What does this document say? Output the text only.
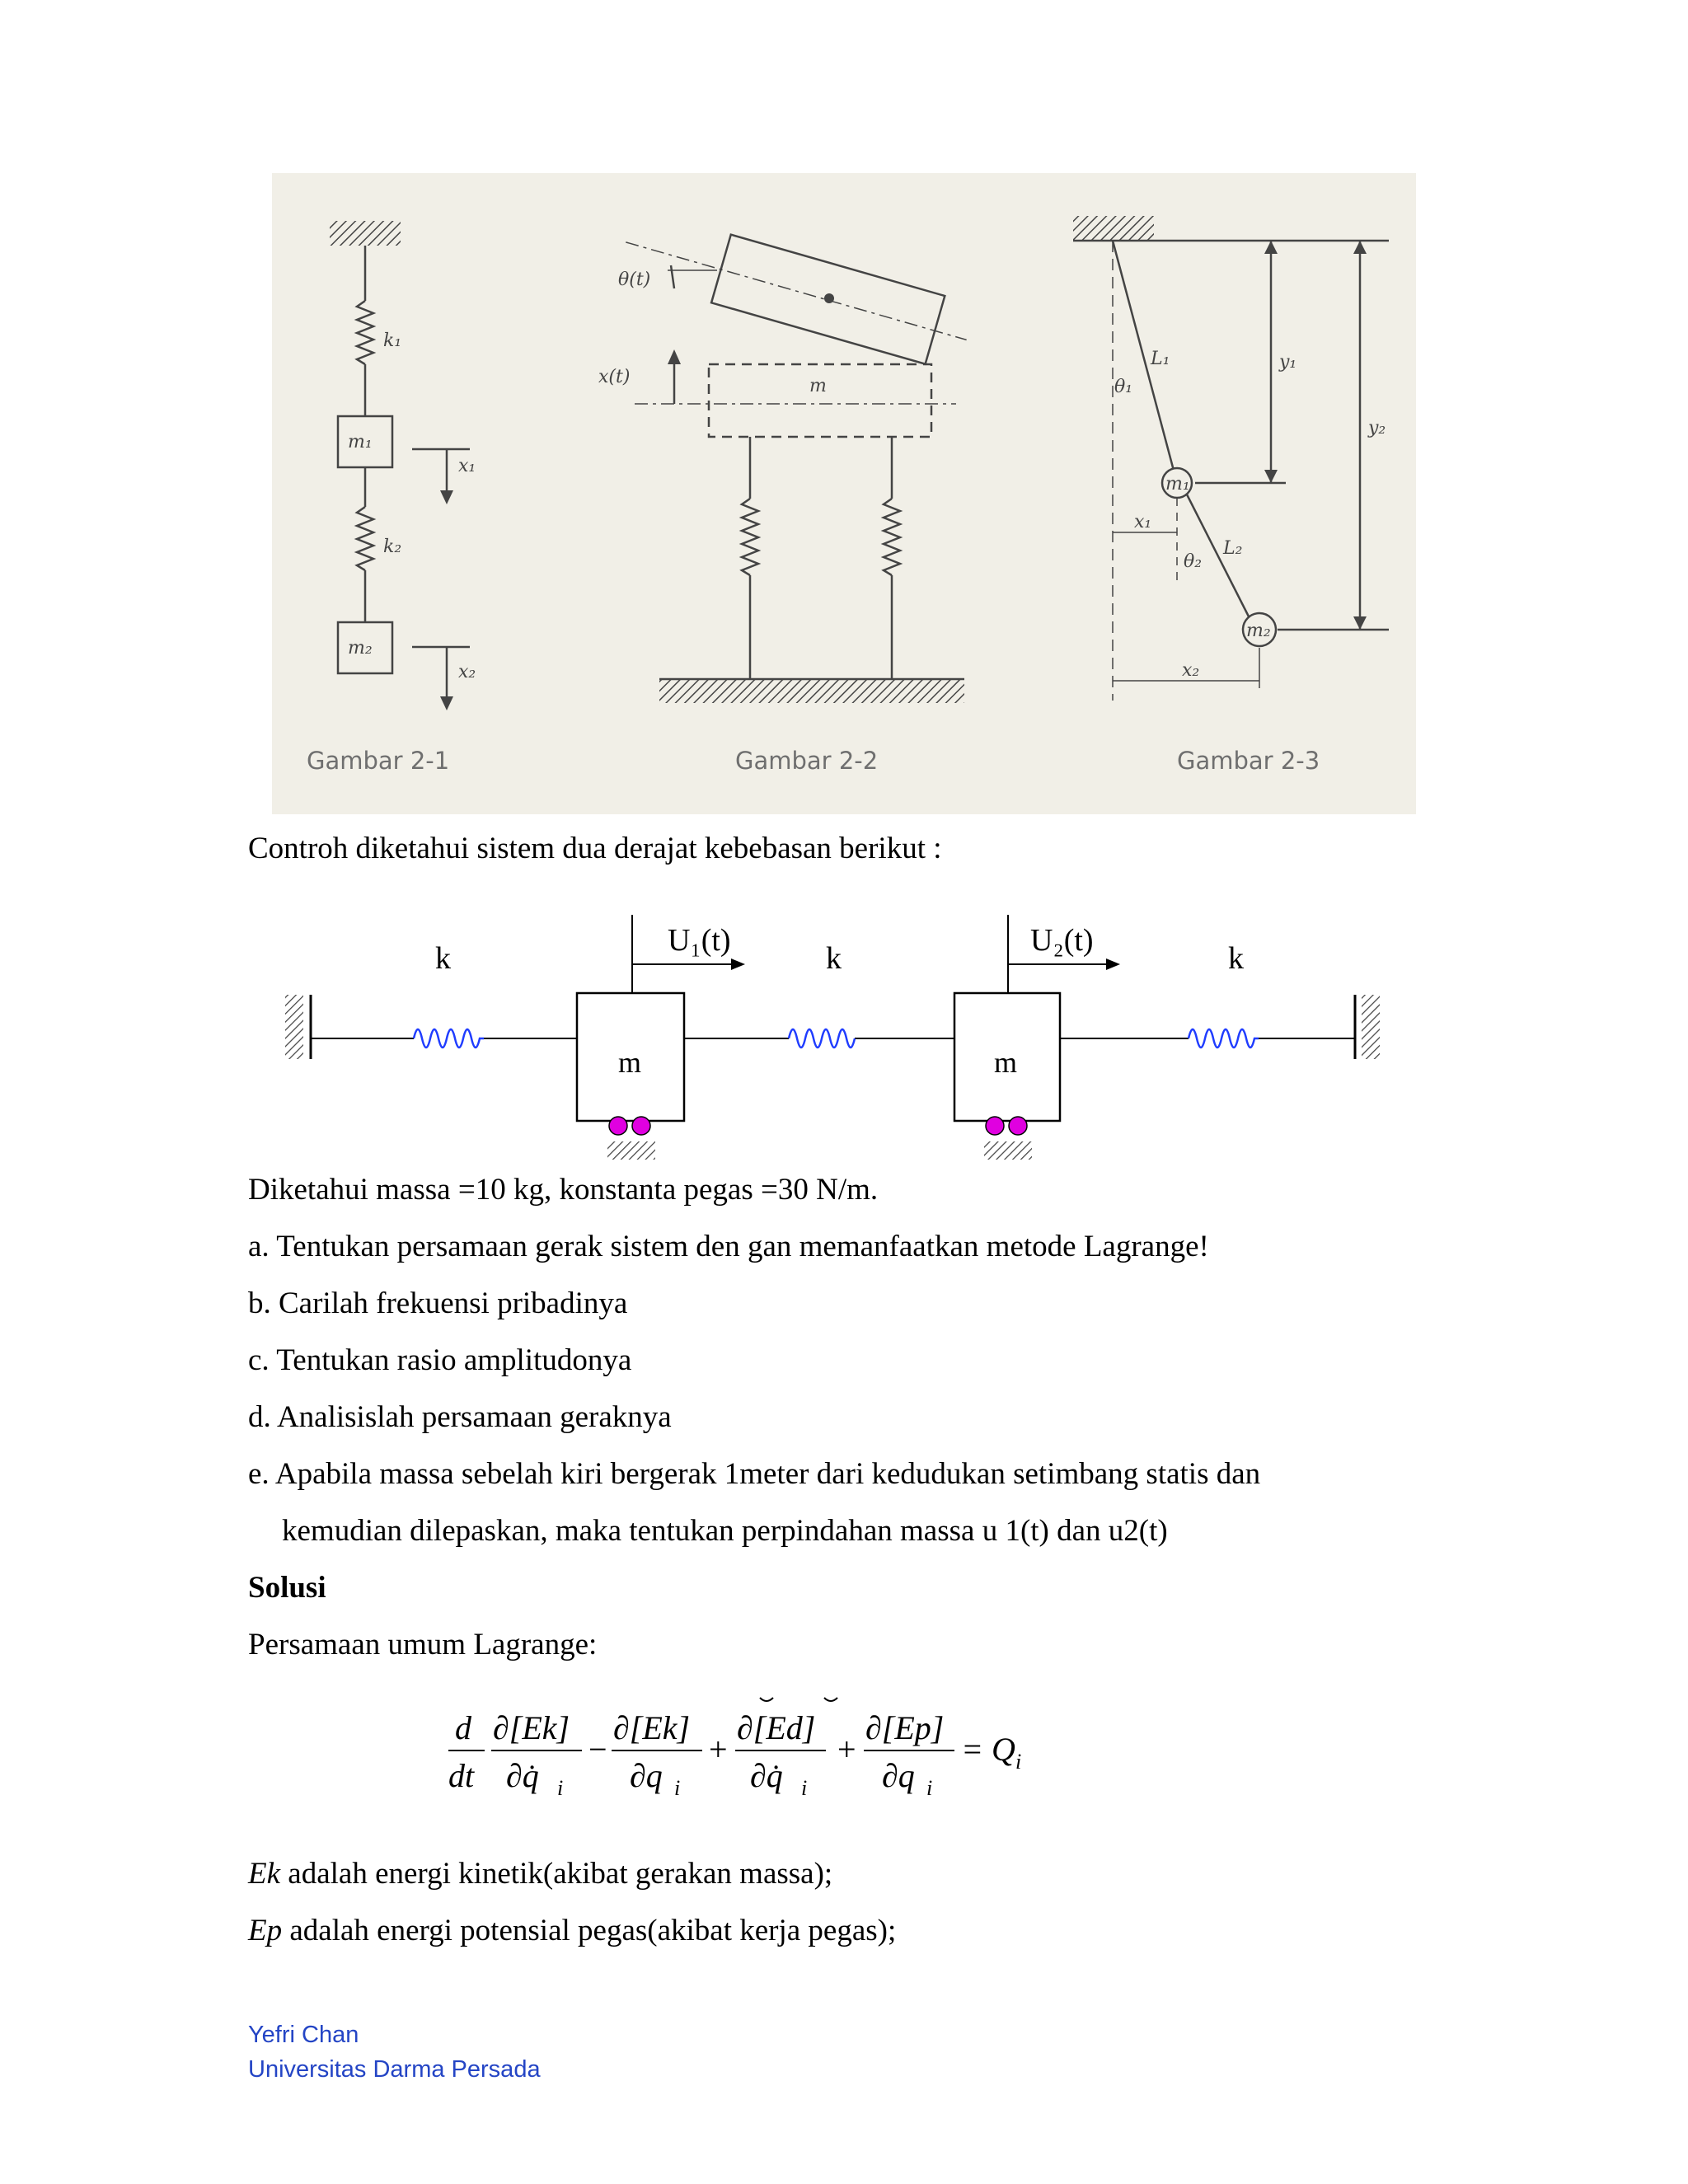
k₁
m₁
x₁
k₂
m₂
x₂
Gambar 2-1
θ(t)
x(t)	m
Gambar 2-2
L₁
θ₁
y₁
y₂
m₁
x₁
θ₂
L₂
m₂
x₂
Gambar 2-3
Controh diketahui sistem dua derajat kebebasan berikut :
k	k	k
U₁(t)	U₂(t)
m	m
Diketahui massa =10 kg, konstanta pegas =30 N/m.
a. Tentukan persamaan gerak sistem den gan memanfaatkan metode Lagrange!
b. Carilah frekuensi pribadinya
c. Tentukan rasio amplitudonya
d. Analisislah persamaan geraknya
e. Apabila massa sebelah kiri bergerak 1meter dari kedudukan setimbang statis dan
kemudian dilepaskan, maka tentukan perpindahan massa u 1(t) dan u2(t)
Solusi
Persamaan umum Lagrange:
d
dt
∂[Ek]
∂q̇ i
−
∂[Ek]
∂q i
+
∂[Ed]
∂q̇ i
+
∂[Ep]
∂q i
= Q i
Ek adalah energi kinetik(akibat gerakan massa);
Ep adalah energi potensial pegas(akibat kerja pegas);
Yefri Chan
Universitas Darma Persada
